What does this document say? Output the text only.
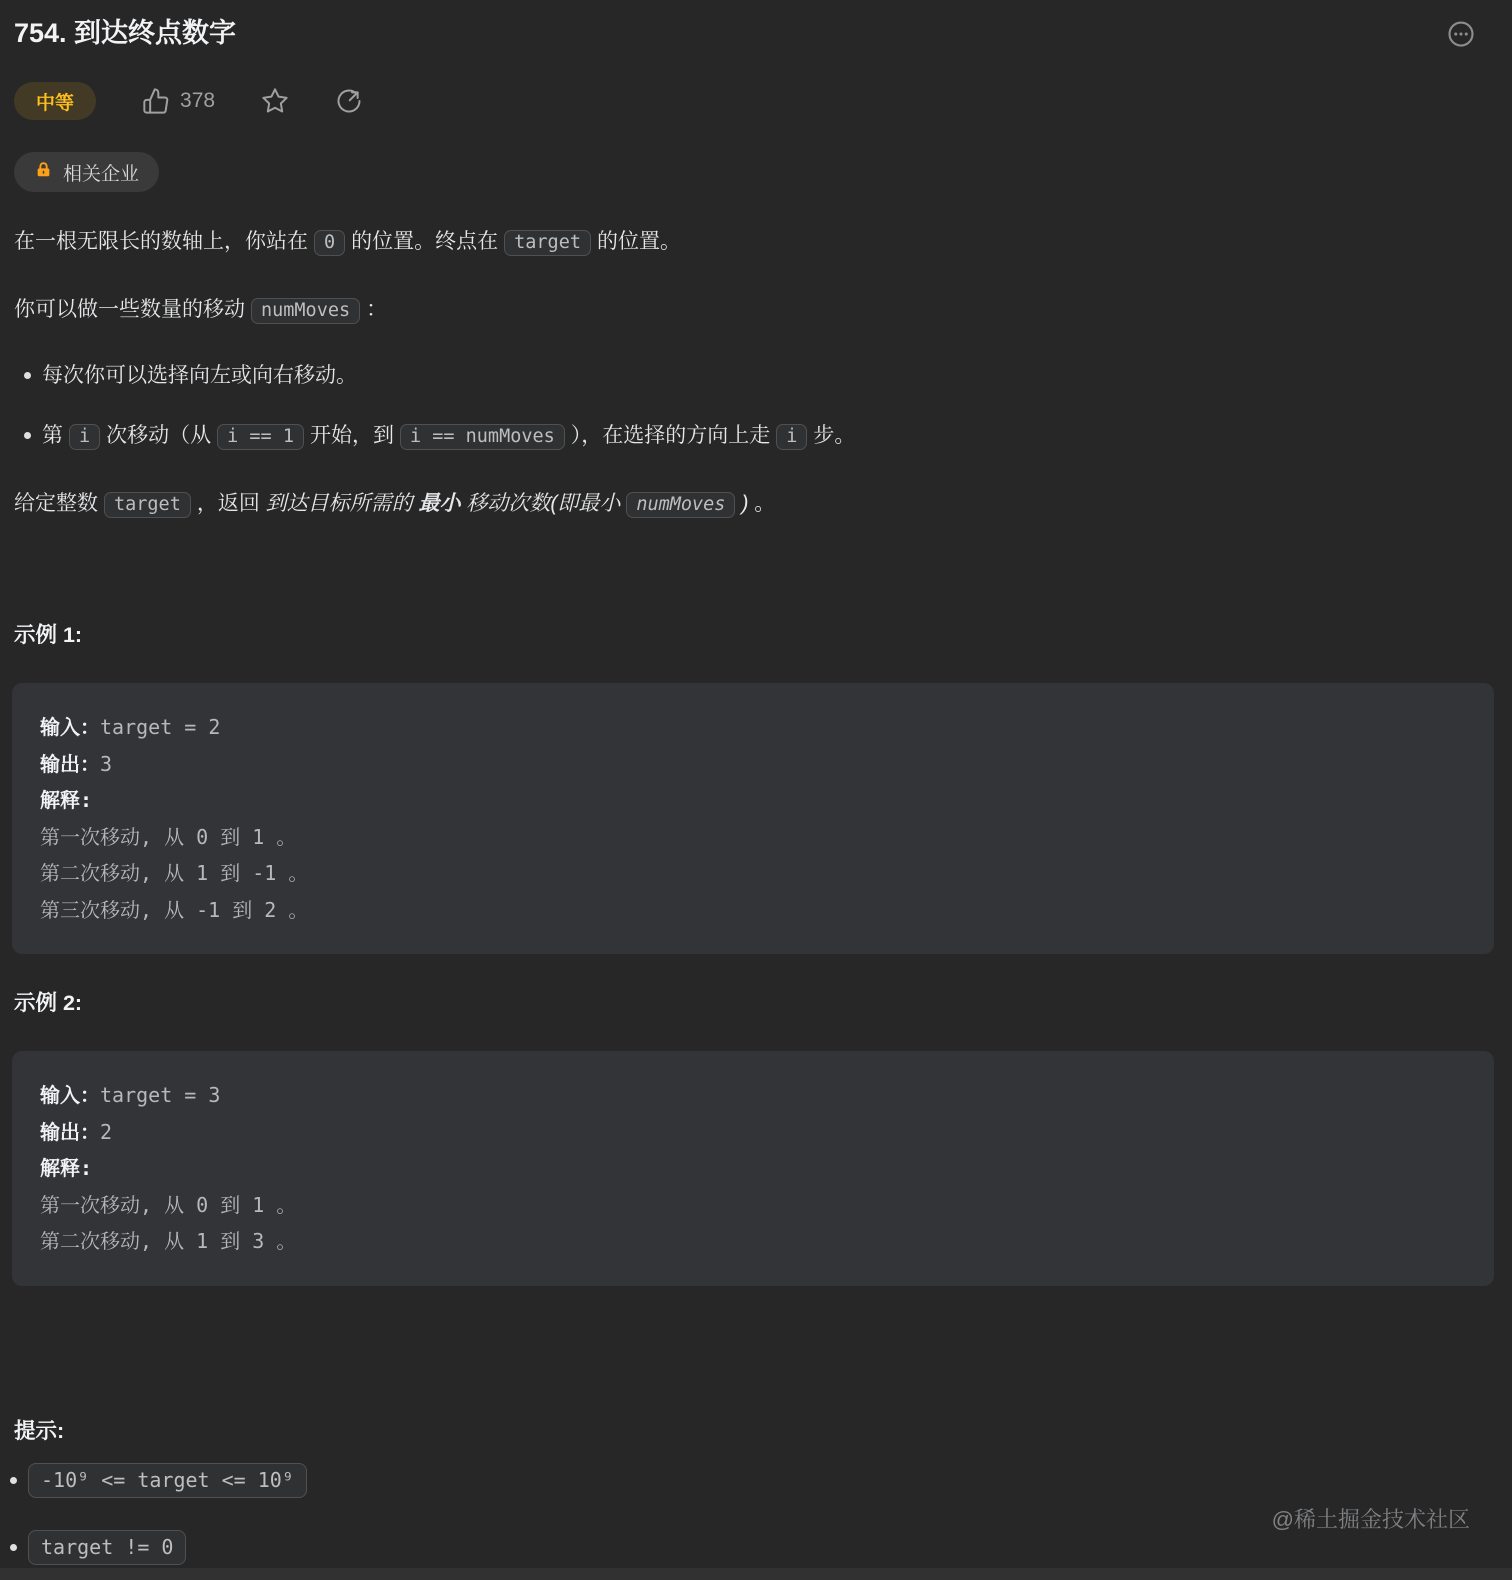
754. 到达终点数字
中等	378
相关企业

在一根无限长的数轴上，你站在 0 的位置。终点在 target 的位置。

你可以做一些数量的移动 numMoves ：

每次你可以选择向左或向右移动。
第 i 次移动（从 i == 1 开始，到 i == numMoves ），在选择的方向上走 i 步。

给定整数 target ，返回 到达目标所需的 最小 移动次数(即最小 numMoves ) 。

示例 1:
输入：target = 2
输出：3
解释:
第一次移动, 从 0 到 1 。
第二次移动, 从 1 到 -1 。
第三次移动, 从 -1 到 2 。
示例 2:
输入：target = 3
输出：2
解释:
第一次移动, 从 0 到 1 。
第二次移动, 从 1 到 3 。
提示:
-10⁹ <= target <= 10⁹
target != 0
@稀土掘金技术社区
